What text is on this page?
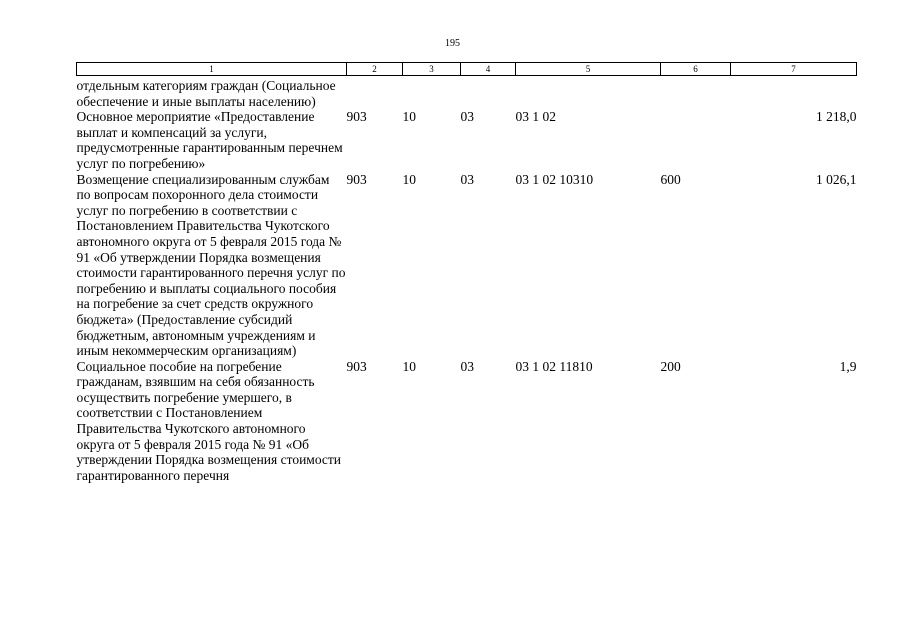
195
1	2	3	4	5	6	7
отдельным категориям граждан (Социальное обеспечение и иные выплаты населению)						
Основное мероприятие «Предоставление выплат и компенсаций за услуги, предусмотренные гарантированным перечнем услуг по погребению»	903	10	03	03 1 02		1 218,0
Возмещение специализированным службам по вопросам похоронного дела стоимости услуг по погребению в соответствии с Постановлением Правительства Чукотского автономного округа от 5 февраля 2015 года № 91 «Об утверждении Порядка возмещения стоимости гарантированного перечня услуг по погребению и выплаты социального пособия на погребение за счет средств окружного бюджета» (Предоставление субсидий бюджетным, автономным учреждениям и иным некоммерческим организациям)	903	10	03	03 1 02 10310	600	1 026,1
Социальное пособие на погребение гражданам, взявшим на себя обязанность осуществить погребение умершего, в соответствии с Постановлением Правительства Чукотского автономного округа от 5 февраля 2015 года № 91 «Об утверждении Порядка возмещения стоимости гарантированного перечня	903	10	03	03 1 02 11810	200	1,9
